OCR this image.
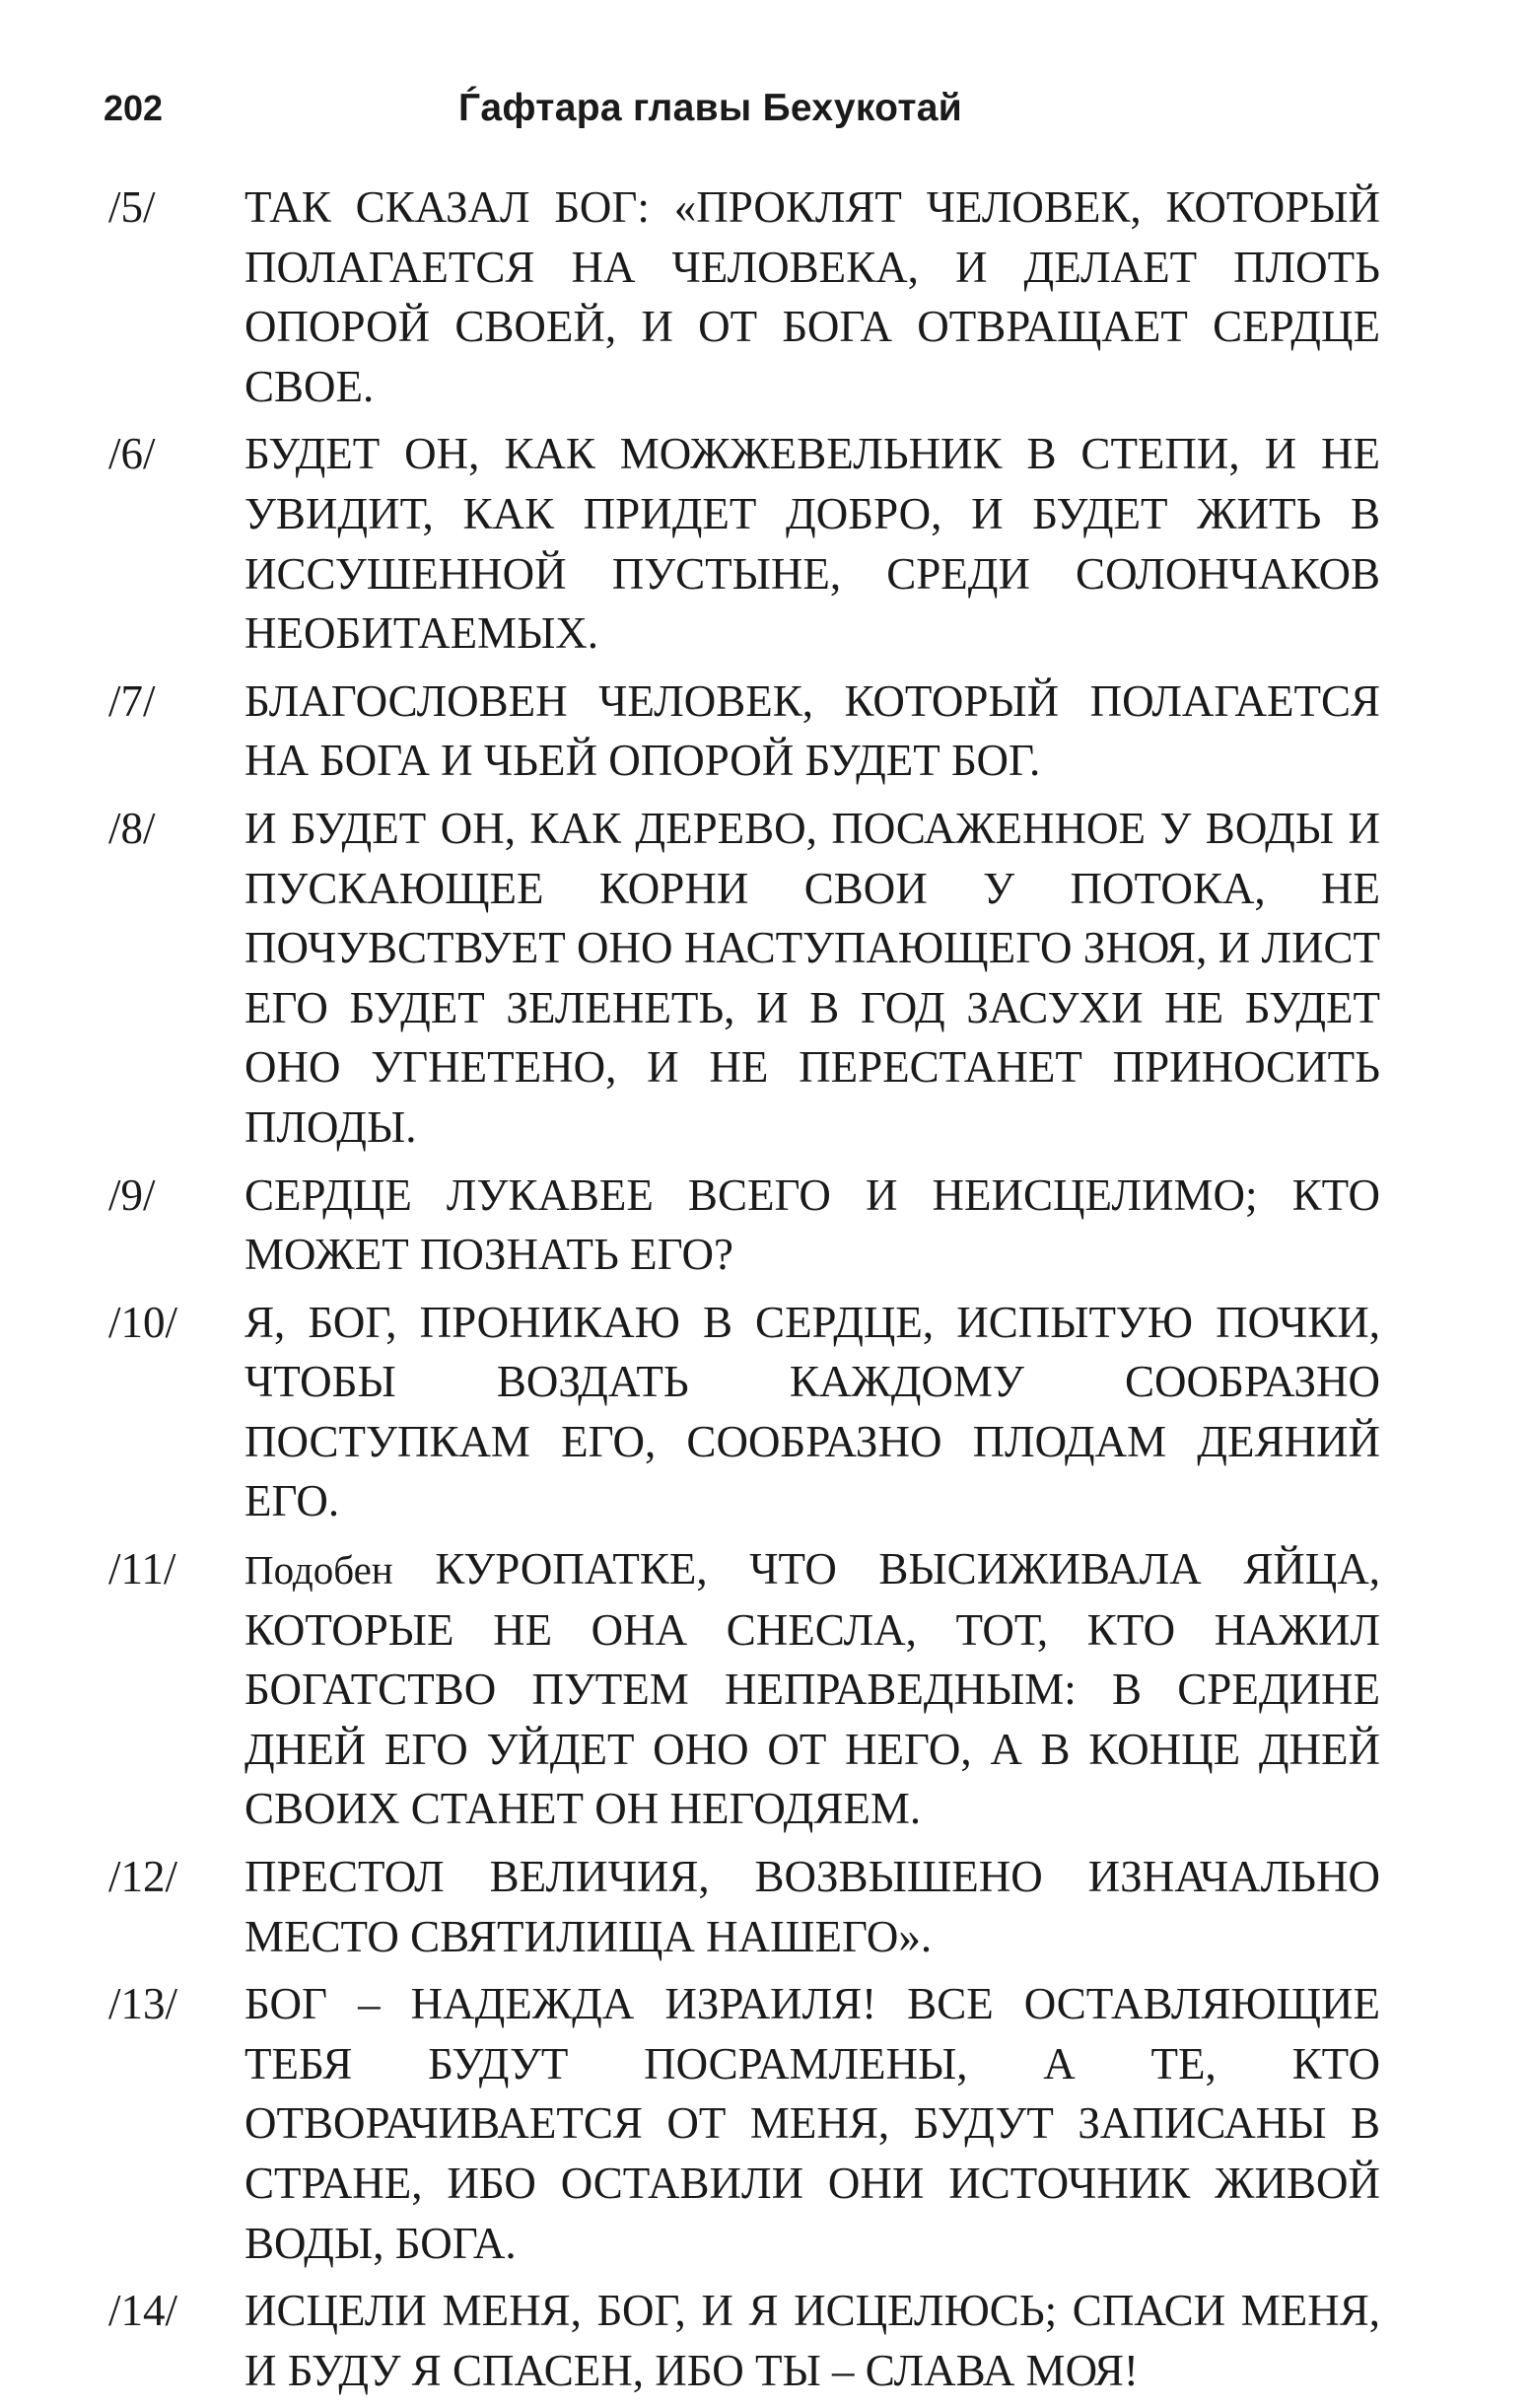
202	Ѓафтара главы Бехукотай
/5/ ТАК СКАЗАЛ БОГ: «ПРОКЛЯТ ЧЕЛОВЕК, КОТОРЫЙ ПОЛАГАЕТСЯ НА ЧЕЛОВЕКА, И ДЕЛАЕТ ПЛОТЬ ОПОРОЙ СВОЕЙ, И ОТ БОГА ОТВРАЩАЕТ СЕРДЦЕ СВОЕ.
/6/ БУДЕТ ОН, КАК МОЖЖЕВЕЛЬНИК В СТЕПИ, И НЕ УВИДИТ, КАК ПРИДЕТ ДОБРО, И БУДЕТ ЖИТЬ В ИССУШЕННОЙ ПУСТЫНЕ, СРЕДИ СОЛОНЧАКОВ НЕОБИТАЕМЫХ.
/7/ БЛАГОСЛОВЕН ЧЕЛОВЕК, КОТОРЫЙ ПОЛАГАЕТСЯ НА БОГА И ЧЬЕЙ ОПОРОЙ БУДЕТ БОГ.
/8/ И БУДЕТ ОН, КАК ДЕРЕВО, ПОСАЖЕННОЕ У ВОДЫ И ПУСКАЮЩЕЕ КОРНИ СВОИ У ПОТОКА, НЕ ПОЧУВСТВУЕТ ОНО НАСТУПАЮЩЕГО ЗНОЯ, И ЛИСТ ЕГО БУДЕТ ЗЕЛЕНЕТЬ, И В ГОД ЗАСУХИ НЕ БУДЕТ ОНО УГНЕТЕНО, И НЕ ПЕРЕСТАНЕТ ПРИНОСИТЬ ПЛОДЫ.
/9/ СЕРДЦЕ ЛУКАВЕЕ ВСЕГО И НЕИСЦЕЛИМО; КТО МОЖЕТ ПОЗНАТЬ ЕГО?
/10/ Я, БОГ, ПРОНИКАЮ В СЕРДЦЕ, ИСПЫТУЮ ПОЧКИ, ЧТОБЫ ВОЗДАТЬ КАЖДОМУ СООБРАЗНО ПОСТУПКАМ ЕГО, СООБРАЗНО ПЛОДАМ ДЕЯНИЙ ЕГО.
/11/ Подобен КУРОПАТКЕ, ЧТО ВЫСИЖИВАЛА ЯЙЦА, КОТОРЫЕ НЕ ОНА СНЕСЛА, ТОТ, КТО НАЖИЛ БОГАТСТВО ПУТЕМ НЕПРАВЕДНЫМ: В СРЕДИНЕ ДНЕЙ ЕГО УЙДЕТ ОНО ОТ НЕГО, А В КОНЦЕ ДНЕЙ СВОИХ СТАНЕТ ОН НЕГОДЯЕМ.
/12/ ПРЕСТОЛ ВЕЛИЧИЯ, ВОЗВЫШЕНО ИЗНАЧАЛЬНО МЕСТО СВЯТИЛИЩА НАШЕГО».
/13/ БОГ – НАДЕЖДА ИЗРАИЛЯ! ВСЕ ОСТАВЛЯЮЩИЕ ТЕБЯ БУДУТ ПОСРАМЛЕНЫ, А ТЕ, КТО ОТВОРАЧИВАЕТСЯ ОТ МЕНЯ, БУДУТ ЗАПИСАНЫ В СТРАНЕ, ИБО ОСТАВИЛИ ОНИ ИСТОЧНИК ЖИВОЙ ВОДЫ, БОГА.
/14/ ИСЦЕЛИ МЕНЯ, БОГ, И Я ИСЦЕЛЮСЬ; СПАСИ МЕНЯ, И БУДУ Я СПАСЕН, ИБО ТЫ – СЛАВА МОЯ!
